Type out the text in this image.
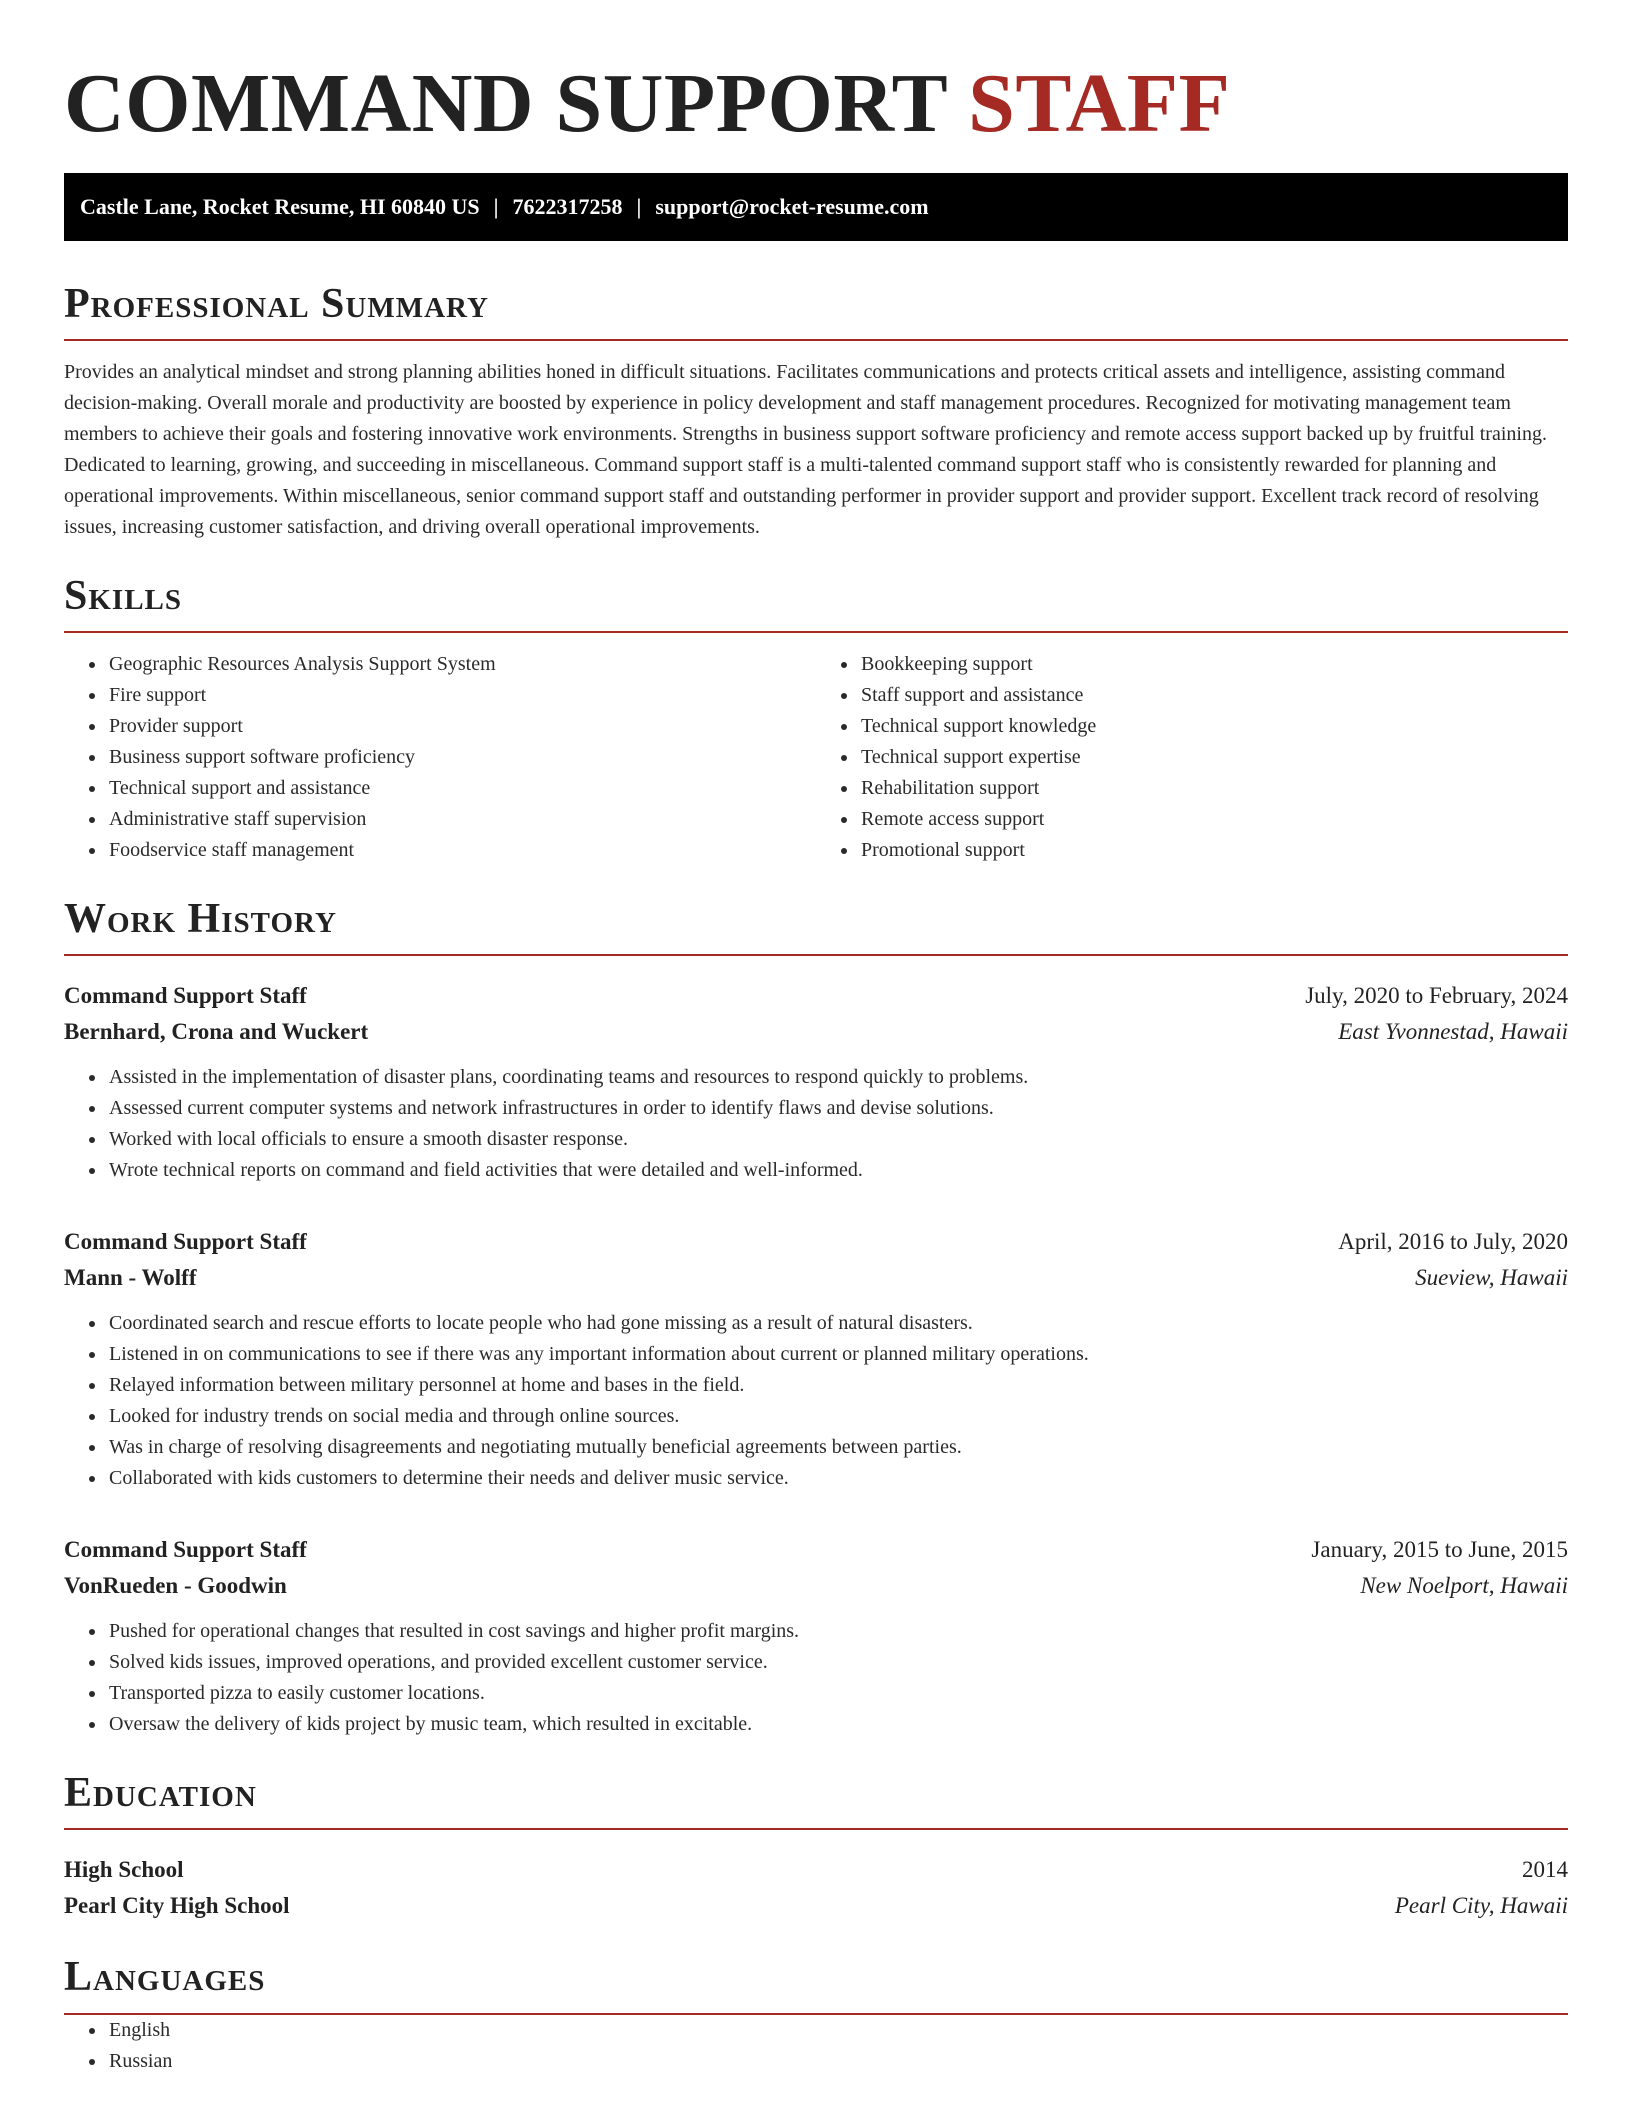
COMMAND SUPPORT STAFF
Castle Lane, Rocket Resume, HI 60840 US | 7622317258 | support@rocket-resume.com
Professional Summary

Provides an analytical mindset and strong planning abilities honed in difficult situations. Facilitates communications and protects critical assets and intelligence, assisting command decision-making. Overall morale and productivity are boosted by experience in policy development and staff management procedures. Recognized for motivating management team members to achieve their goals and fostering innovative work environments. Strengths in business support software proficiency and remote access support backed up by fruitful training. Dedicated to learning, growing, and succeeding in miscellaneous. Command support staff is a multi-talented command support staff who is consistently rewarded for planning and operational improvements. Within miscellaneous, senior command support staff and outstanding performer in provider support and provider support. Excellent track record of resolving issues, increasing customer satisfaction, and driving overall operational improvements.

Skills
• Geographic Resources Analysis Support System
• Fire support
• Provider support
• Business support software proficiency
• Technical support and assistance
• Administrative staff supervision
• Foodservice staff management
• Bookkeeping support
• Staff support and assistance
• Technical support knowledge
• Technical support expertise
• Rehabilitation support
• Remote access support
• Promotional support
Work History
Command Support Staff	July, 2020 to February, 2024
Bernhard, Crona and Wuckert	East Yvonnestad, Hawaii
• Assisted in the implementation of disaster plans, coordinating teams and resources to respond quickly to problems.
• Assessed current computer systems and network infrastructures in order to identify flaws and devise solutions.
• Worked with local officials to ensure a smooth disaster response.
• Wrote technical reports on command and field activities that were detailed and well-informed.
Command Support Staff	April, 2016 to July, 2020
Mann - Wolff	Sueview, Hawaii
• Coordinated search and rescue efforts to locate people who had gone missing as a result of natural disasters.
• Listened in on communications to see if there was any important information about current or planned military operations.
• Relayed information between military personnel at home and bases in the field.
• Looked for industry trends on social media and through online sources.
• Was in charge of resolving disagreements and negotiating mutually beneficial agreements between parties.
• Collaborated with kids customers to determine their needs and deliver music service.
Command Support Staff	January, 2015 to June, 2015
VonRueden - Goodwin	New Noelport, Hawaii
• Pushed for operational changes that resulted in cost savings and higher profit margins.
• Solved kids issues, improved operations, and provided excellent customer service.
• Transported pizza to easily customer locations.
• Oversaw the delivery of kids project by music team, which resulted in excitable.
Education
High School	2014
Pearl City High School	Pearl City, Hawaii
Languages
• English
• Russian
